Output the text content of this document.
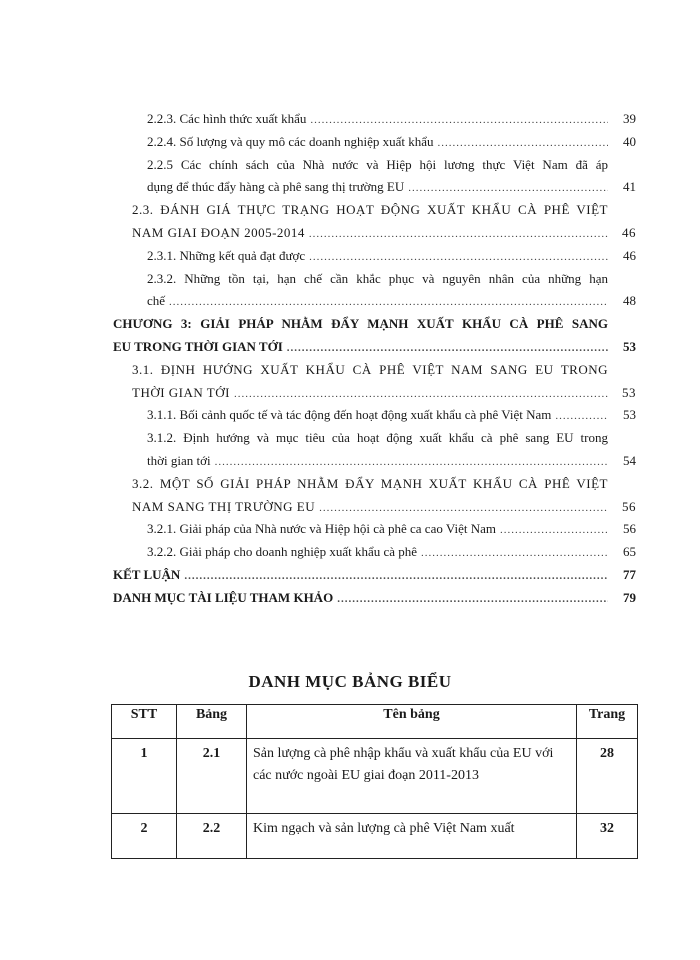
2.2.3. Các hình thức xuất khẩu .....	39
2.2.4. Số lượng và quy mô các doanh nghiệp xuất khẩu .....	40
2.2.5 Các chính sách của Nhà nước và Hiệp hội lương thực Việt Nam đã áp
dụng để thúc đẩy hàng cà phê sang thị trường EU .....	41
2.3. ĐÁNH GIÁ THỰC TRẠNG HOẠT ĐỘNG XUẤT KHẨU CÀ PHÊ VIỆT
NAM GIAI ĐOẠN 2005-2014 .....	46
2.3.1. Những kết quả đạt được .....	46
2.3.2. Những tồn tại, hạn chế cần khắc phục và nguyên nhân của những hạn
chế .....	48
CHƯƠNG 3: GIẢI PHÁP NHẰM ĐẨY MẠNH XUẤT KHẨU CÀ PHÊ SANG
EU TRONG THỜI GIAN TỚI .....	53
3.1. ĐỊNH HƯỚNG XUẤT KHẨU CÀ PHÊ VIỆT NAM SANG EU TRONG
THỜI GIAN TỚI .....	53
3.1.1. Bối cảnh quốc tế và tác động đến hoạt động xuất khẩu cà phê Việt Nam .....	53
3.1.2. Định hướng và mục tiêu của hoạt động xuất khẩu cà phê sang EU trong
thời gian tới .....	54
3.2. MỘT SỐ GIẢI PHÁP NHẰM ĐẨY MẠNH XUẤT KHẨU CÀ PHÊ VIỆT
NAM SANG THỊ TRƯỜNG EU .....	56
3.2.1. Giải pháp của Nhà nước và Hiệp hội cà phê ca cao Việt Nam .....	56
3.2.2. Giải pháp cho doanh nghiệp xuất khẩu cà phê .....	65
KẾT LUẬN .....	77
DANH MỤC TÀI LIỆU THAM KHẢO .....	79
DANH MỤC BẢNG BIỂU
STT	Bảng	Tên bảng	Trang
1	2.1	Sản lượng cà phê nhập khẩu và xuất khẩu của EU với các nước ngoài EU giai đoạn 2011-2013	28
2	2.2	Kim ngạch và sản lượng cà phê Việt Nam xuất	32
